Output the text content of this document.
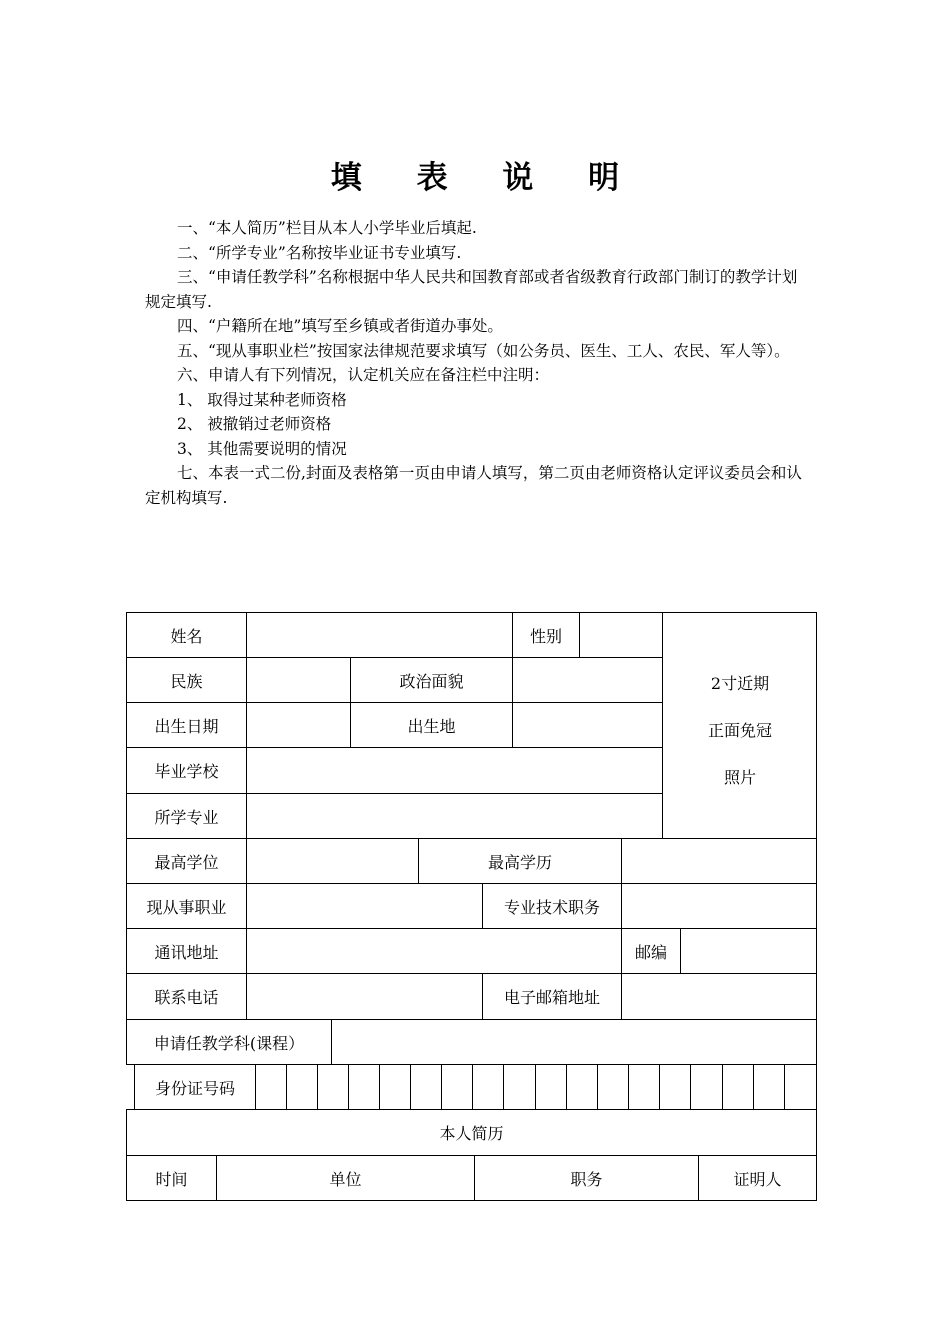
填 表 说 明

一、“本人简历”栏目从本人小学毕业后填起.

二、“所学专业”名称按毕业证书专业填写.

三、“申请任教学科”名称根据中华人民共和国教育部或者省级教育行政部门制订的教学计划规定填写.

四、“户籍所在地”填写至乡镇或者街道办事处。

五、“现从事职业栏”按国家法律规范要求填写（如公务员、医生、工人、农民、军人等）。

六、申请人有下列情况，认定机关应在备注栏中注明：

1、 取得过某种老师资格

2、 被撤销过老师资格

3、 其他需要说明的情况

七、本表一式二份,封面及表格第一页由申请人填写，第二页由老师资格认定评议委员会和认定机构填写.

姓名	性别
民族	政治面貌
出生日期	出生地
毕业学校
所学专业
2寸近期
正面免冠
照片
最高学位	最高学历
现从事职业	专业技术职务
通讯地址	邮编
联系电话	电子邮箱地址
申请任教学科(课程）
身份证号码
本人简历
时间	单位	职务	证明人
